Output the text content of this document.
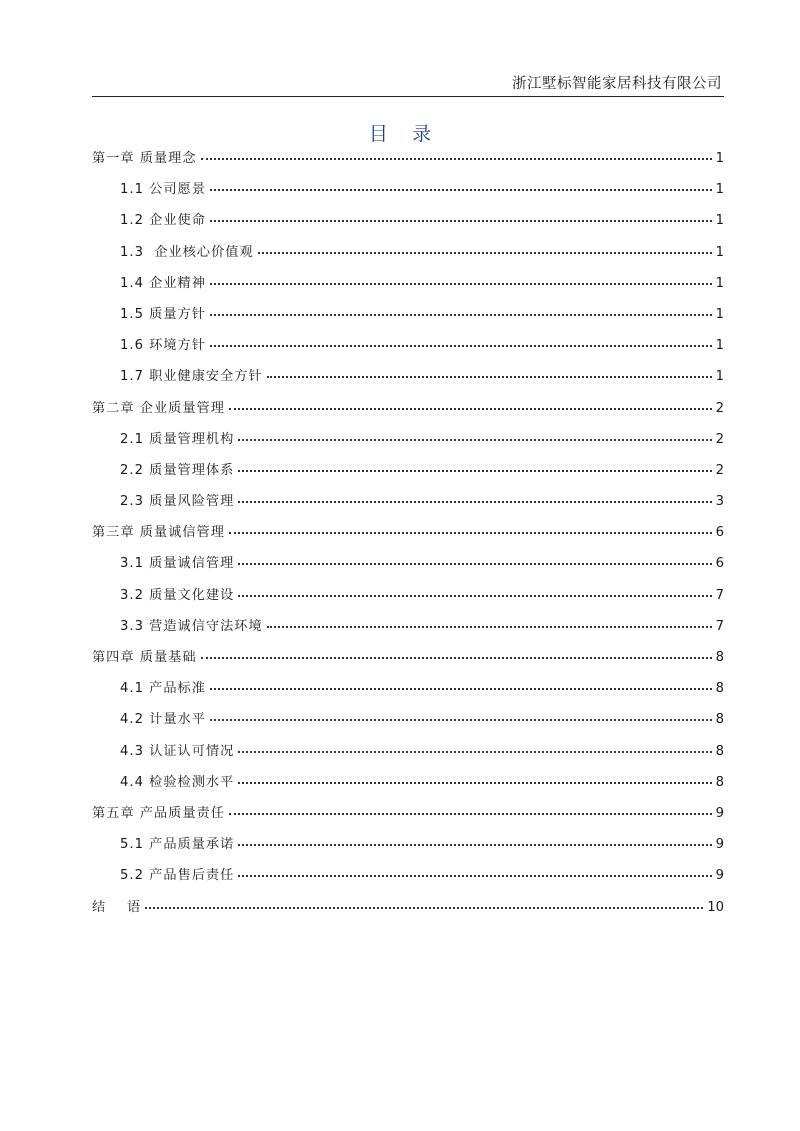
浙江墅标智能家居科技有限公司
目    录
第一章 质量理念	1
1.1 公司愿景	1
1.2 企业使命	1
1.3  企业核心价值观	1
1.4 企业精神	1
1.5 质量方针	1
1.6 环境方针	1
1.7 职业健康安全方针	1
第二章 企业质量管理	2
2.1 质量管理机构	2
2.2 质量管理体系	2
2.3 质量风险管理	3
第三章 质量诚信管理	6
3.1 质量诚信管理	6
3.2 质量文化建设	7
3.3 营造诚信守法环境	7
第四章 质量基础	8
4.1 产品标准	8
4.2 计量水平	8
4.3 认证认可情况	8
4.4 检验检测水平	8
第五章 产品质量责任	9
5.1 产品质量承诺	9
5.2 产品售后责任	9
结    语	10
